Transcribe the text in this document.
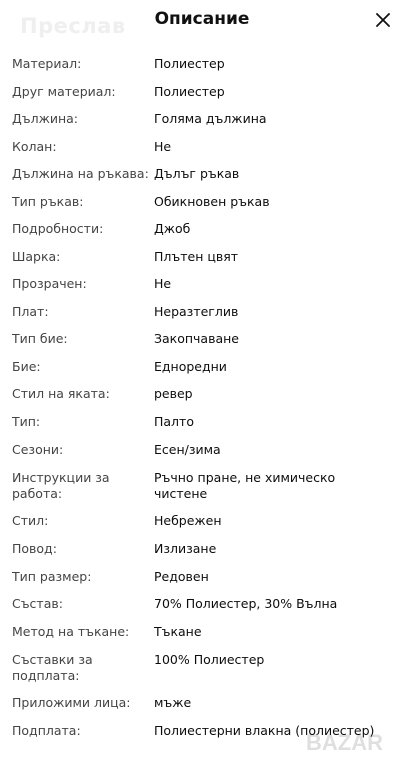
Преслав	Описание
Материал:	Полиестер
Друг материал:	Полиестер
Дължина:	Голяма дължина
Колан:	Не
Дължина на ръкава: Дълъг ръкав
Тип ръкав:	Обикновен ръкав
Подробности:	Джоб
Шарка:	Плътен цвят
Прозрачен:	Не
Плат:	Неразтеглив
Тип бие:	Закопчаване
Бие:	Едноредни
Стил на яката:	ревер
Тип:	Палто
Сезони:	Есен/зима
Инструкции за работа:
Ръчно пране, не химическо чистене
Стил:	Небрежен
Повод:	Излизане
Тип размер:	Редовен
Състав:	70% Полиестер, 30% Вълна
Метод на тъкане:	Тъкане
Съставки за подплата:
100% Полиестер
Приложими лица:	мъже
Подплата:	Полиестерни влакна (полиестер)
BAZAR
